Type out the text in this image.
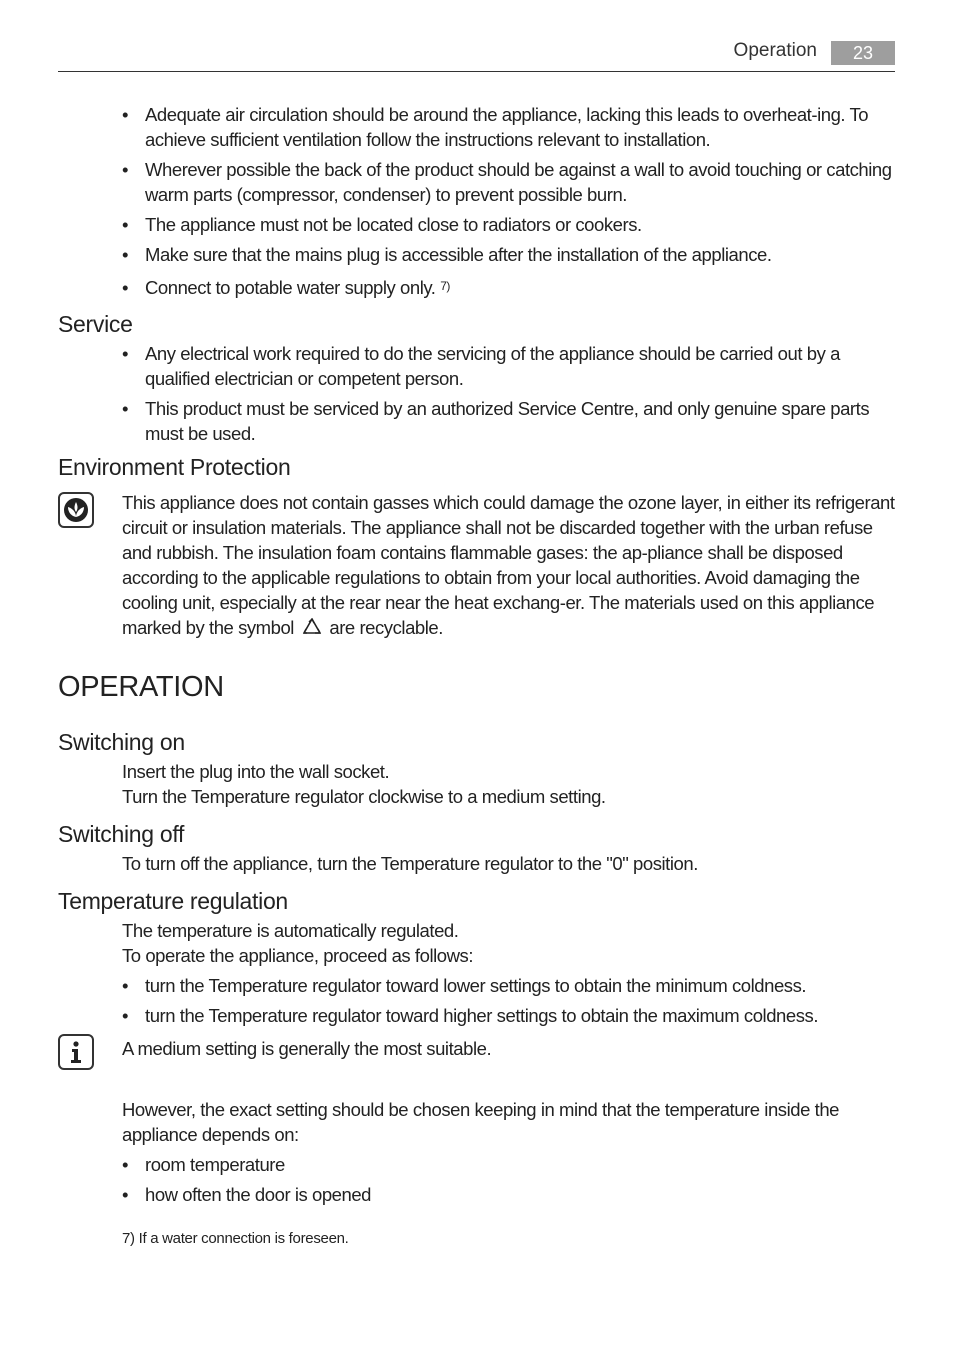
Operation	23
• Adequate air circulation should be around the appliance, lacking this leads to overheat-ing. To achieve sufficient ventilation follow the instructions relevant to installation.
• Wherever possible the back of the product should be against a wall to avoid touching or catching warm parts (compressor, condenser) to prevent possible burn.
• The appliance must not be located close to radiators or cookers.
• Make sure that the mains plug is accessible after the installation of the appliance.
• Connect to potable water supply only. $^{7)}$
Service
• Any electrical work required to do the servicing of the appliance should be carried out by a qualified electrician or competent person.
• This product must be serviced by an authorized Service Centre, and only genuine spare parts must be used.
Environment Protection

This appliance does not contain gasses which could damage the ozone layer, in either its refrigerant circuit or insulation materials. The appliance shall not be discarded together with the urban refuse and rubbish. The insulation foam contains flammable gases: the ap-pliance shall be disposed according to the applicable regulations to obtain from your local authorities. Avoid damaging the cooling unit, especially at the rear near the heat exchang-er. The materials used on this appliance marked by the symbol are recyclable.

OPERATION
Switching on
Insert the plug into the wall socket.
Turn the Temperature regulator clockwise to a medium setting.
Switching off
To turn off the appliance, turn the Temperature regulator to the "0" position.
Temperature regulation
The temperature is automatically regulated.
To operate the appliance, proceed as follows:
• turn the Temperature regulator toward lower settings to obtain the minimum coldness.
• turn the Temperature regulator toward higher settings to obtain the maximum coldness.

A medium setting is generally the most suitable.

However, the exact setting should be chosen keeping in mind that the temperature inside the appliance depends on:

• room temperature
• how often the door is opened
7) If a water connection is foreseen.
